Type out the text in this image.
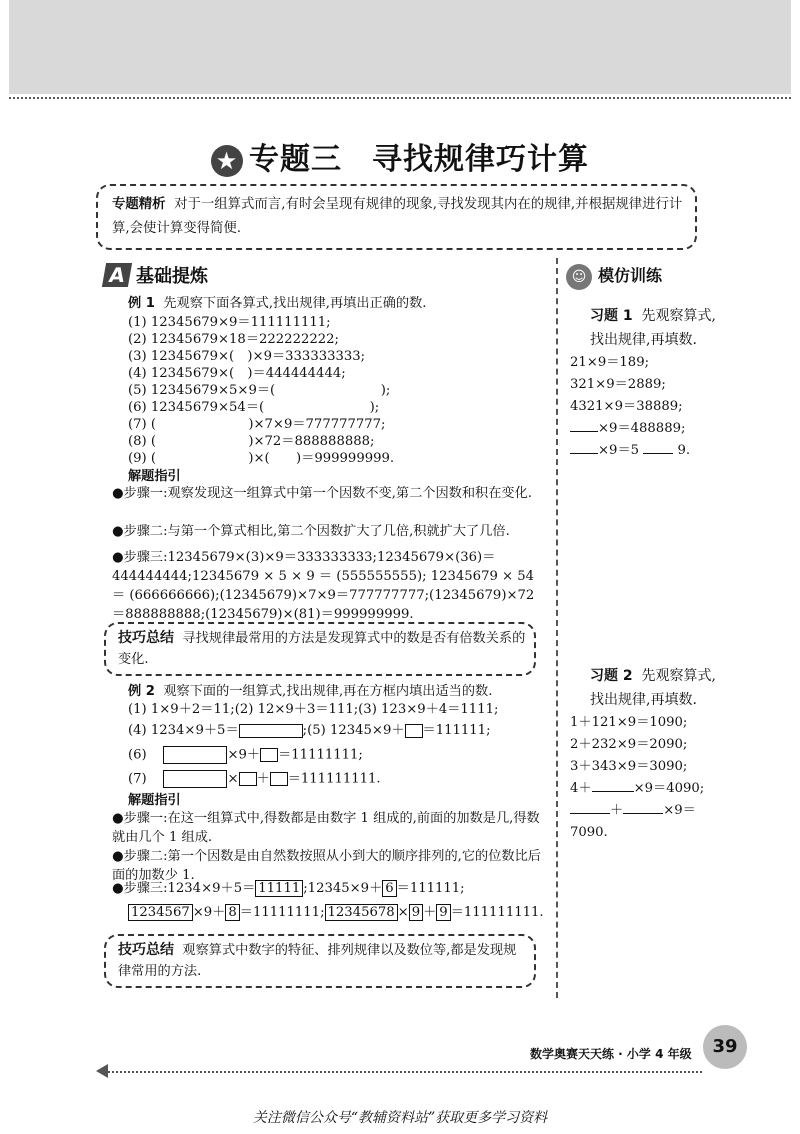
★ 专题三 寻找规律巧计算
专题精析 对于一组算式而言,有时会呈现有规律的现象,寻找发现其内在的规律,并根据规律进行计算,会使计算变得简便.
A 基础提炼
例 1 先观察下面各算式,找出规律,再填出正确的数.
(1) 12345679×9＝111111111;
(2) 12345679×18＝222222222;
(3) 12345679×(　)×9＝333333333;
(4) 12345679×(　)＝444444444;
(5) 12345679×5×9＝(　　　　　　　　);
(6) 12345679×54＝(　　　　　　　　);
(7) (　　　　　　　)×7×9＝777777777;
(8) (　　　　　　　)×72＝888888888;
(9) (　　　　　　　)×(　　)＝999999999.
解题指引
●步骤一:观察发现这一组算式中第一个因数不变,第二个因数和积在变化.
●步骤二:与第一个算式相比,第二个因数扩大了几倍,积就扩大了几倍.
●步骤三:12345679×(3)×9＝333333333;12345679×(36)＝444444444;12345679 × 5 × 9 ＝ (555555555); 12345679 × 54 ＝ (666666666);(12345679)×7×9＝777777777;(12345679)×72＝888888888;(12345679)×(81)＝999999999.
技巧总结 寻找规律最常用的方法是发现算式中的数是否有倍数关系的变化.
例 2 观察下面的一组算式,找出规律,再在方框内填出适当的数.
(1) 1×9＋2＝11;(2) 12×9＋3＝111;(3) 123×9＋4＝1111;
(4) 1234×9＋5＝	;(5) 12345×9＋ ＝111111;
(6)	×9＋ ＝11111111;
(7)	× ＋ ＝111111111.
解题指引
●步骤一:在这一组算式中,得数都是由数字 1 组成的,前面的加数是几,得数就由几个 1 组成.
●步骤二:第一个因数是由自然数按照从小到大的顺序排列的,它的位数比后面的加数少 1.
●步骤三:1234×9＋5＝ 11111 ;12345×9＋ 6 ＝111111;
1234567 ×9＋ 8 ＝11111111; 12345678 × 9 ＋ 9 ＝111111111.
技巧总结 观察算式中数字的特征、排列规律以及数位等,都是发现规律常用的方法.
☺ 模仿训练
习题 1 先观察算式,找出规律,再填数.
21×9＝189;
321×9＝2889;
4321×9＝38889;
×9＝488889;
×9＝5	9.
习题 2 先观察算式,找出规律,再填数.
1＋121×9＝1090;
2＋232×9＝2090;
3＋343×9＝3090;
4＋	×9＝4090;
＋	×9＝
7090.
数学奥赛天天练 · 小学 4 年级	39
关注微信公众号“教辅资料站”获取更多学习资料
